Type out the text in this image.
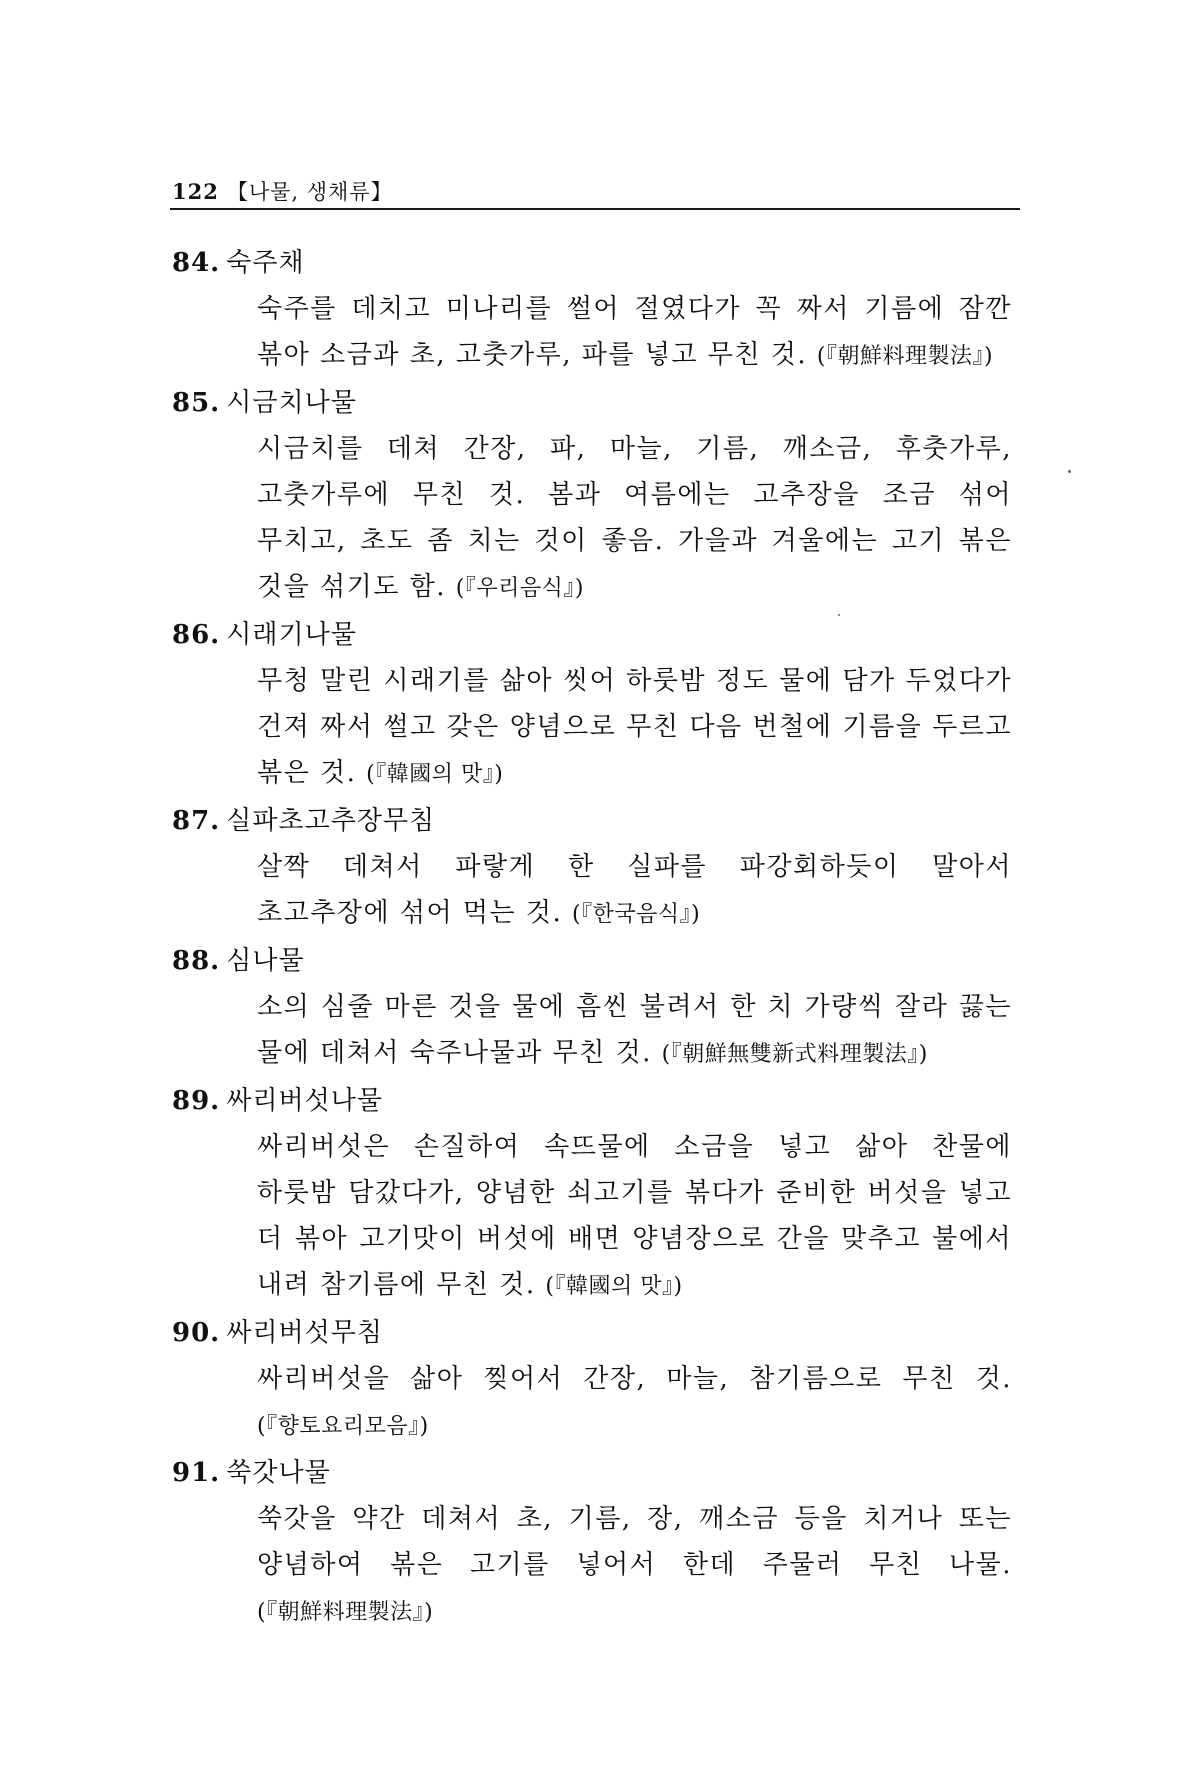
122 【나물, 생채류】
84. 숙주채

숙주를 데치고 미나리를 썰어 절였다가 꼭 짜서 기름에 잠깐 볶아 소금과 초, 고춧가루, 파를 넣고 무친 것. (『朝鮮料理製法』)

85. 시금치나물

시금치를 데쳐 간장, 파, 마늘, 기름, 깨소금, 후춧가루, 고춧가루에 무친 것. 봄과 여름에는 고추장을 조금 섞어 무치고, 초도 좀 치는 것이 좋음. 가을과 겨울에는 고기 볶은 것을 섞기도 함. (『우리음식』)

86. 시래기나물

무청 말린 시래기를 삶아 씻어 하룻밤 정도 물에 담가 두었다가 건져 짜서 썰고 갖은 양념으로 무친 다음 번철에 기름을 두르고 볶은 것. (『韓國의 맛』)

87. 실파초고추장무침

살짝 데쳐서 파랗게 한 실파를 파강회하듯이 말아서 초고추장에 섞어 먹는 것. (『한국음식』)

88. 심나물

소의 심줄 마른 것을 물에 흠씬 불려서 한 치 가량씩 잘라 끓는 물에 데쳐서 숙주나물과 무친 것. (『朝鮮無雙新式料理製法』)

89. 싸리버섯나물

싸리버섯은 손질하여 속뜨물에 소금을 넣고 삶아 찬물에 하룻밤 담갔다가, 양념한 쇠고기를 볶다가 준비한 버섯을 넣고 더 볶아 고기맛이 버섯에 배면 양념장으로 간을 맞추고 불에서 내려 참기름에 무친 것. (『韓國의 맛』)

90. 싸리버섯무침

싸리버섯을 삶아 찢어서 간장, 마늘, 참기름으로 무친 것. (『향토요리모음』)

91. 쑥갓나물

쑥갓을 약간 데쳐서 초, 기름, 장, 깨소금 등을 치거나 또는 양념하여 볶은 고기를 넣어서 한데 주물러 무친 나물. (『朝鮮料理製法』)
